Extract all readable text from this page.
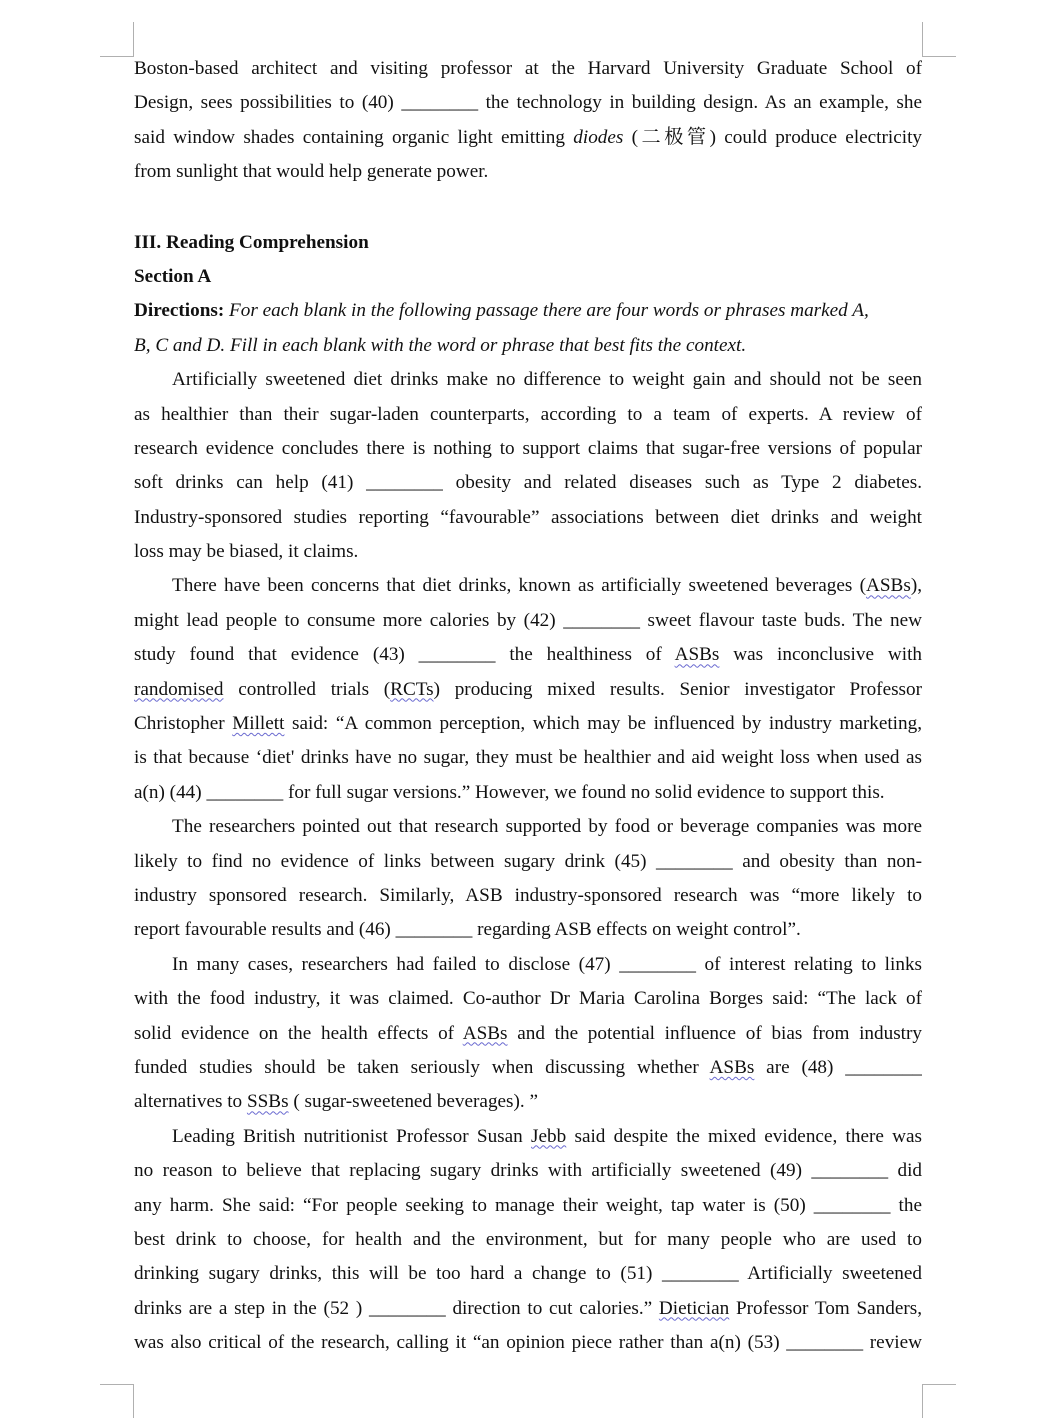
Boston-based architect and visiting professor at the Harvard University Graduate School of
Design, sees possibilities to (40) ________ the technology in building design. As an example, she
said window shades containing organic light emitting diodes (二极管) could produce electricity
from sunlight that would help generate power.
III. Reading Comprehension
Section A
Directions: For each blank in the following passage there are four words or phrases marked A,
B, C and D. Fill in each blank with the word or phrase that best fits the context.
Artificially sweetened diet drinks make no difference to weight gain and should not be seen
as healthier than their sugar-laden counterparts, according to a team of experts. A review of
research evidence concludes there is nothing to support claims that sugar-free versions of popular
soft drinks can help (41) ________ obesity and related diseases such as Type 2 diabetes.
Industry-sponsored studies reporting “favourable” associations between diet drinks and weight
loss may be biased, it claims.
There have been concerns that diet drinks, known as artificially sweetened beverages (ASBs),
might lead people to consume more calories by (42) ________ sweet flavour taste buds. The new
study found that evidence (43) ________ the healthiness of ASBs was inconclusive with
randomised controlled trials (RCTs) producing mixed results. Senior investigator Professor
Christopher Millett said: “A common perception, which may be influenced by industry marketing,
is that because ‘diet' drinks have no sugar, they must be healthier and aid weight loss when used as
a(n) (44) ________ for full sugar versions.” However, we found no solid evidence to support this.
The researchers pointed out that research supported by food or beverage companies was more
likely to find no evidence of links between sugary drink (45) ________ and obesity than non-
industry sponsored research. Similarly, ASB industry-sponsored research was “more likely to
report favourable results and (46) ________ regarding ASB effects on weight control”.
In many cases, researchers had failed to disclose (47) ________ of interest relating to links
with the food industry, it was claimed. Co-author Dr Maria Carolina Borges said: “The lack of
solid evidence on the health effects of ASBs and the potential influence of bias from industry
funded studies should be taken seriously when discussing whether ASBs are (48) ________
alternatives to SSBs ( sugar-sweetened beverages). ”
Leading British nutritionist Professor Susan Jebb said despite the mixed evidence, there was
no reason to believe that replacing sugary drinks with artificially sweetened (49) ________ did
any harm. She said: “For people seeking to manage their weight, tap water is (50) ________ the
best drink to choose, for health and the environment, but for many people who are used to
drinking sugary drinks, this will be too hard a change to (51) ________ Artificially sweetened
drinks are a step in the (52 ) ________ direction to cut calories.” Dietician Professor Tom Sanders,
was also critical of the research, calling it “an opinion piece rather than a(n) (53) ________ review
